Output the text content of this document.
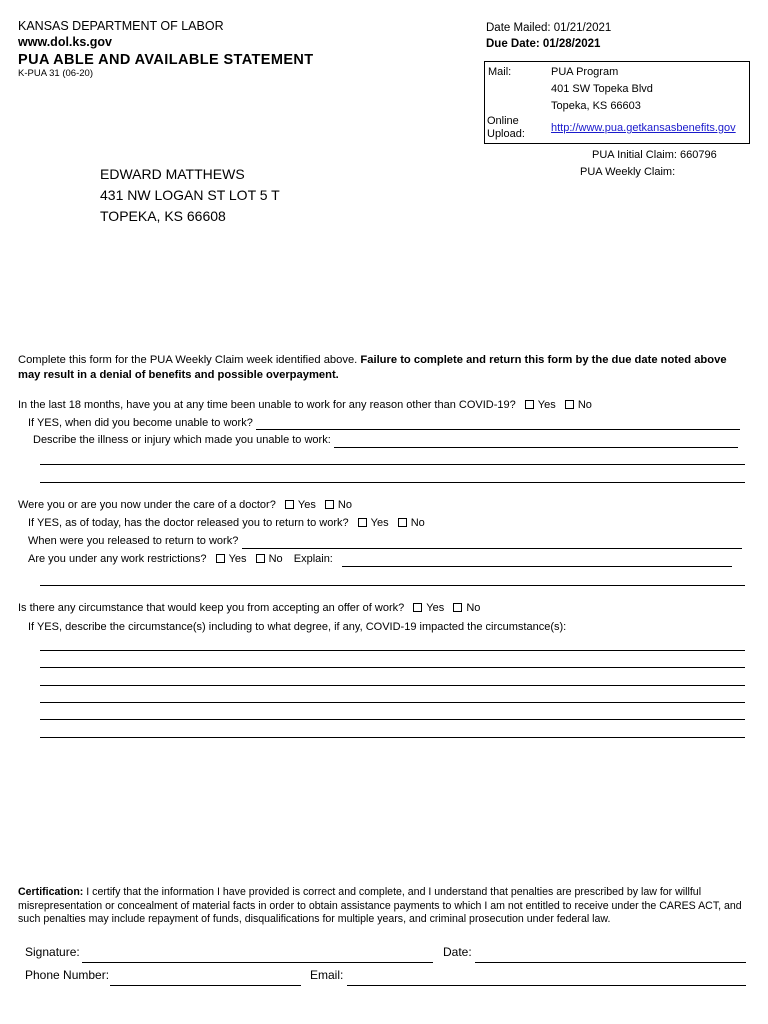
KANSAS DEPARTMENT OF LABOR
www.dol.ks.gov
PUA ABLE AND AVAILABLE STATEMENT
K-PUA 31 (06-20)
Date Mailed: 01/21/2021
Due Date: 01/28/2021
Mail:	PUA Program
401 SW Topeka Blvd
Topeka, KS 66603
Online
Upload: http://www.pua.getkansasbenefits.gov
PUA Initial Claim: 660796
PUA Weekly Claim:
EDWARD MATTHEWS
431 NW LOGAN ST LOT 5 T
TOPEKA, KS 66608
Complete this form for the PUA Weekly Claim week identified above. Failure to complete and return this form by the due date noted above may result in a denial of benefits and possible overpayment.
In the last 18 months, have you at any time been unable to work for any reason other than COVID-19? Yes No
If YES, when did you become unable to work?
Describe the illness or injury which made you unable to work:
Were you or are you now under the care of a doctor? Yes No
If YES, as of today, has the doctor released you to return to work? Yes No
When were you released to return to work?
Are you under any work restrictions? Yes No Explain:
Is there any circumstance that would keep you from accepting an offer of work? Yes No
If YES, describe the circumstance(s) including to what degree, if any, COVID-19 impacted the circumstance(s):
Certification: I certify that the information I have provided is correct and complete, and I understand that penalties are prescribed by law for willful misrepresentation or concealment of material facts in order to obtain assistance payments to which I am not entitled to receive under the CARES ACT, and such penalties may include repayment of funds, disqualifications for multiple years, and criminal prosecution under federal law.
Signature:	Date:
Phone Number:	Email:
